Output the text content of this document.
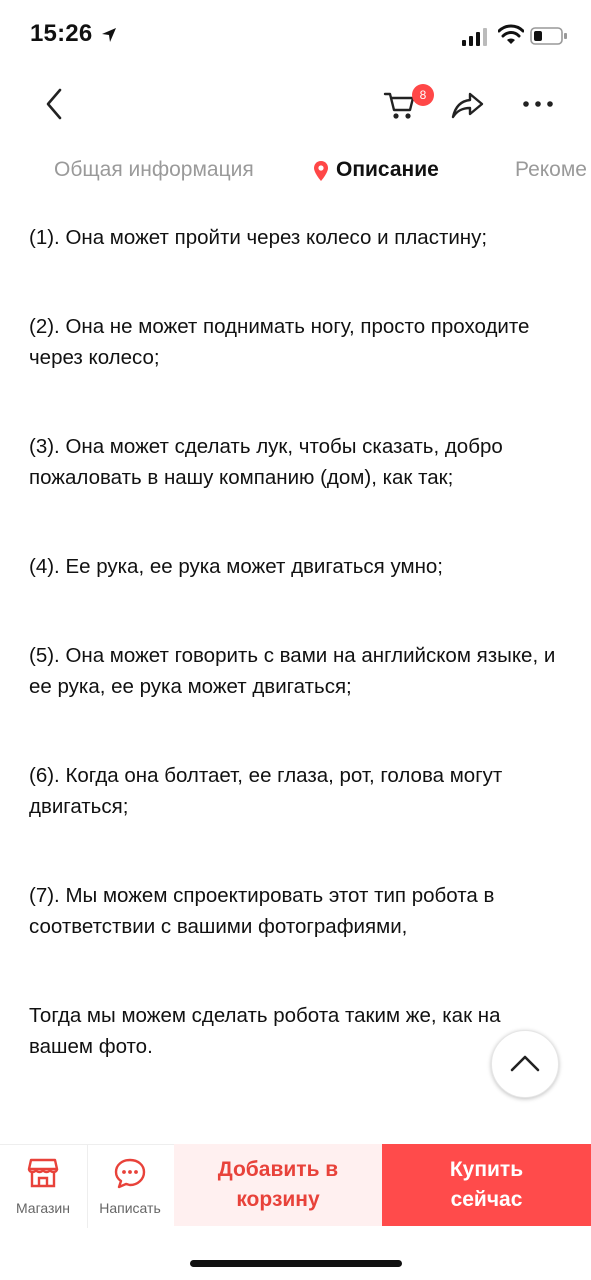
15:26
8
Общая информация	Описание	Рекоме

(1). Она может пройти через колесо и пластину;

(2). Она не может поднимать ногу, просто проходите через колесо;

(3). Она может сделать лук, чтобы сказать, добро пожаловать в нашу компанию (дом), как так;

(4). Ее рука, ее рука может двигаться умно;

(5). Она может говорить с вами на английском языке, и ее рука, ее рука может двигаться;

(6). Когда она болтает, ее глаза, рот, голова могут двигаться;

(7). Мы можем спроектировать этот тип робота в соответствии с вашими фотографиями,

Тогда мы можем сделать робота таким же, как на вашем фото.

Магазин	Написать
Добавить в корзину
Купить сейчас
